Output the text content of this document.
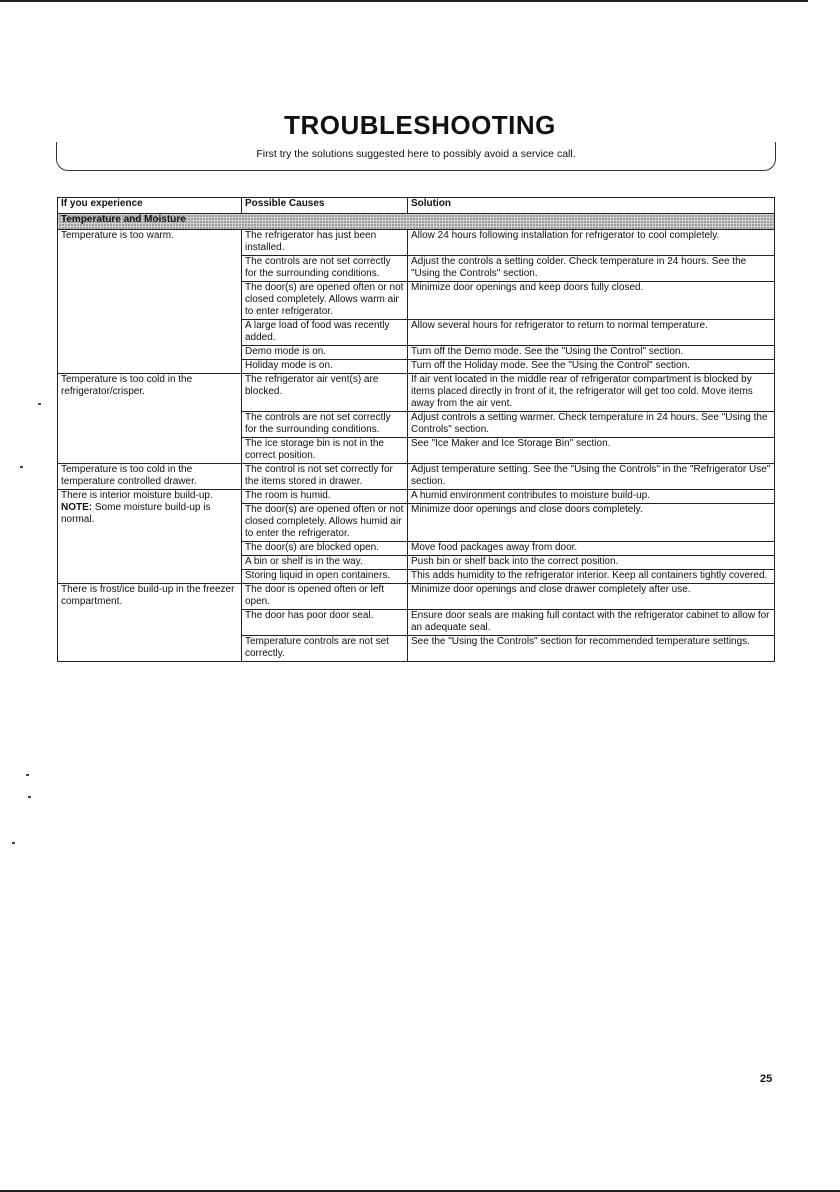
TROUBLESHOOTING
First try the solutions suggested here to possibly avoid a service call.
If you experience	Possible Causes	Solution
Temperature and Moisture		

Temperature is too warm.	The refrigerator has just been installed.	Allow 24 hours following installation for refrigerator to cool completely.
	The controls are not set correctly for the surrounding conditions.	Adjust the controls a setting colder. Check temperature in 24 hours. See the "Using the Controls" section.
	The door(s) are opened often or not closed completely. Allows warm air to enter refrigerator.	Minimize door openings and keep doors fully closed.
	A large load of food was recently added.	Allow several hours for refrigerator to return to normal temperature.
	Demo mode is on.	Turn off the Demo mode. See the "Using the Control" section.
	Holiday mode is on.	Turn off the Holiday mode. See the "Using the Control" section.

Temperature is too cold in the refrigerator/crisper.	The refrigerator air vent(s) are blocked.	If air vent located in the middle rear of refrigerator compartment is blocked by items placed directly in front of it, the refrigerator will get too cold. Move items away from the air vent.
	The controls are not set correctly for the surrounding conditions.	Adjust controls a setting warmer. Check temperature in 24 hours. See "Using the Controls" section.
	The ice storage bin is not in the correct position.	See "Ice Maker and Ice Storage Bin" section.

Temperature is too cold in the temperature controlled drawer.	The control is not set correctly for the items stored in drawer.	Adjust temperature setting. See the "Using the Controls" in the "Refrigerator Use" section.

There is interior moisture build-up.
NOTE: Some moisture build-up is normal.	The room is humid.	A humid environment contributes to moisture build-up.
	The door(s) are opened often or not closed completely. Allows humid air to enter the refrigerator.	Minimize door openings and close doors completely.
	The door(s) are blocked open.	Move food packages away from door.
	A bin or shelf is in the way.	Push bin or shelf back into the correct position.
	Storing liquid in open containers.	This adds humidity to the refrigerator interior. Keep all containers tightly covered.

There is frost/ice build-up in the freezer compartment.	The door is opened often or left open.	Minimize door openings and close drawer completely after use.
	The door has poor door seal.	Ensure door seals are making full contact with the refrigerator cabinet to allow for an adequate seal.
	Temperature controls are not set correctly.	See the "Using the Controls" section for recommended temperature settings.
25
